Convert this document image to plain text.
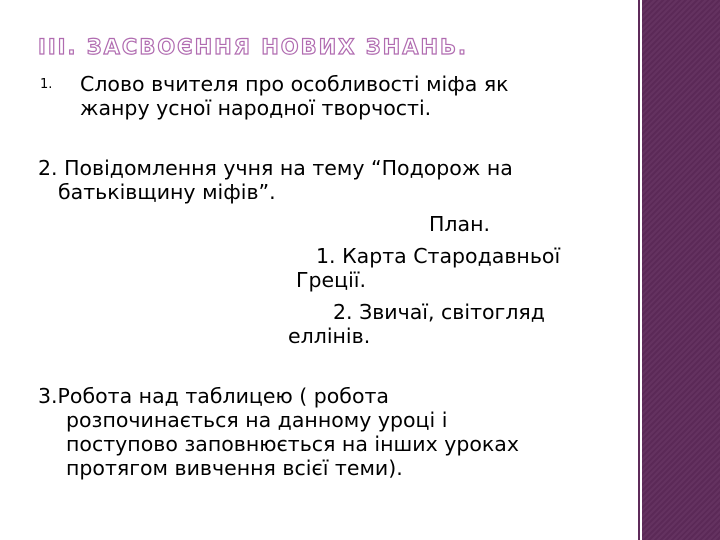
ІІІ. ЗАСВОЄННЯ НОВИХ ЗНАНЬ.
1. Слово вчителя про особливості міфа як
жанру усної народної творчості.
2. Повідомлення учня на тему “Подорож на
батьківщину міфів”.
План.
1. Карта Стародавньої
Греції.
2. Звичаї, світогляд
еллінів.
3.Робота над таблицею ( робота
розпочинається на данному уроці і
поступово заповнюється на інших уроках
протягом вивчення всієї теми).
